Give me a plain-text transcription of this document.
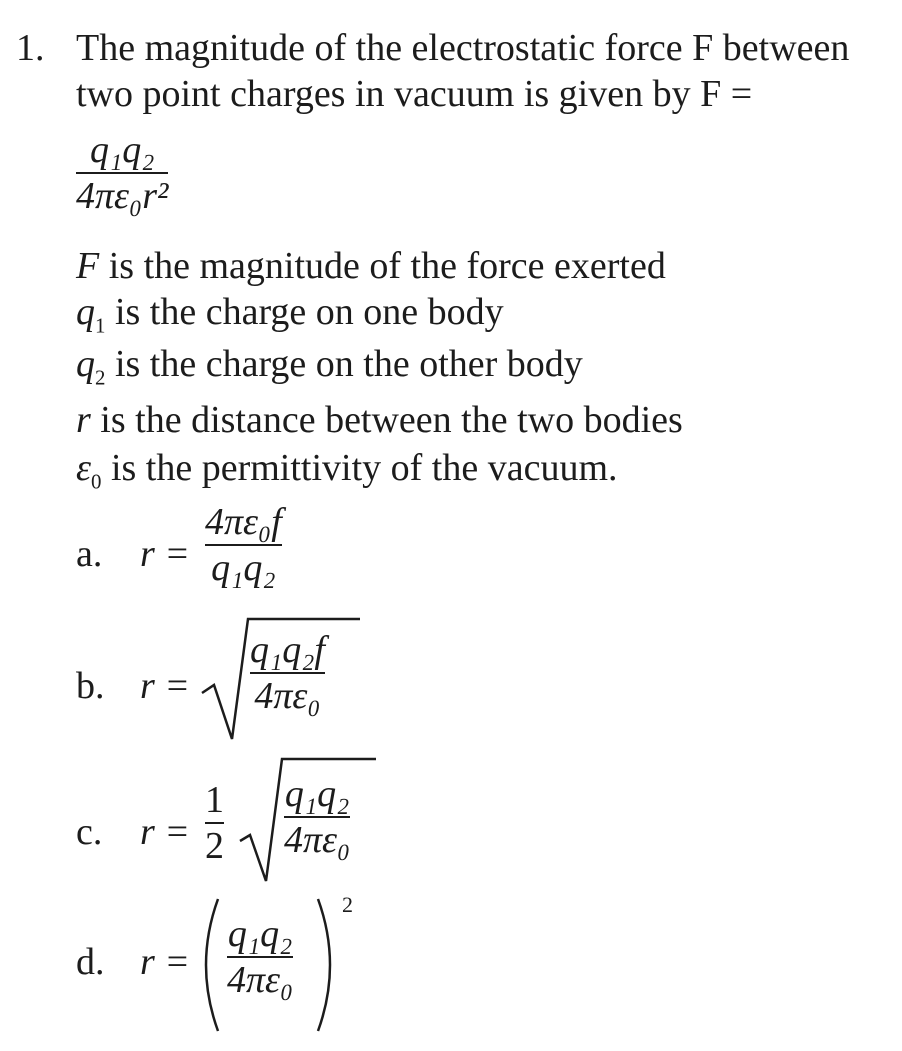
1. The magnitude of the electrostatic force F between
two point charges in vacuum is given by F =
q₁q₂
4πε₀r²
F is the magnitude of the force exerted
$q_1$ is the charge on one body
$q_2$ is the charge on the other body
r is the distance between the two bodies
$\varepsilon_0$ is the permittivity of the vacuum.
a. r =
4πε₀f
q₁q₂
b. r =
q₁q₂f
4πε₀
c. r =
1
2
q₁q₂
4πε₀
d. r =
q₁q₂
4πε₀
2
